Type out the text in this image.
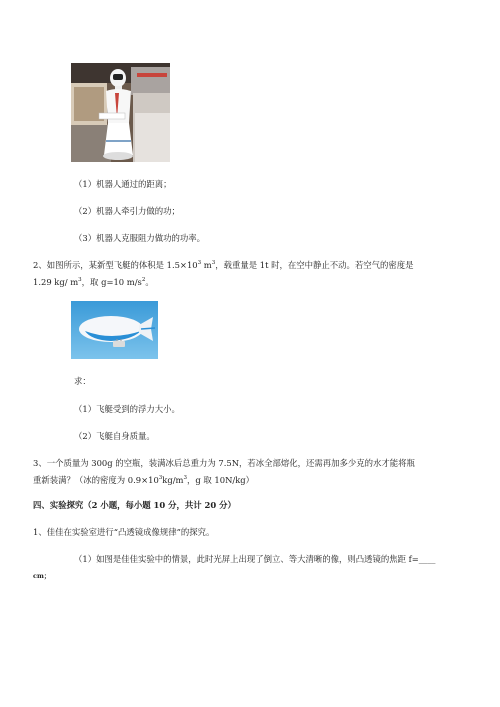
（1）机器人通过的距离；
（2）机器人牵引力做的功；
（3）机器人克服阻力做功的功率。
2、如图所示，某新型飞艇的体积是 $1.5\times 10^3$ $m^3$，载重量是 1t 时，在空中静止不动。若空气的密度是
1.29 kg/ $m^3$，取 g=10 $m/s^2$。
求：
（1）飞艇受到的浮力大小。
（2）飞艇自身质量。
3、一个质量为 300g 的空瓶，装满冰后总重力为 7.5N，若冰全部熔化，还需再加多少克的水才能将瓶
重新装满？（冰的密度为 $0.9\times 10^3kg/m^3$，g 取 10N/kg）
四、实验探究（2 小题，每小题 10 分，共计 20 分）
1、佳佳在实验室进行“凸透镜成像规律”的探究。
（1）如图是佳佳实验中的情景，此时光屏上出现了倒立、等大清晰的像，则凸透镜的焦距 f=____
cm；
